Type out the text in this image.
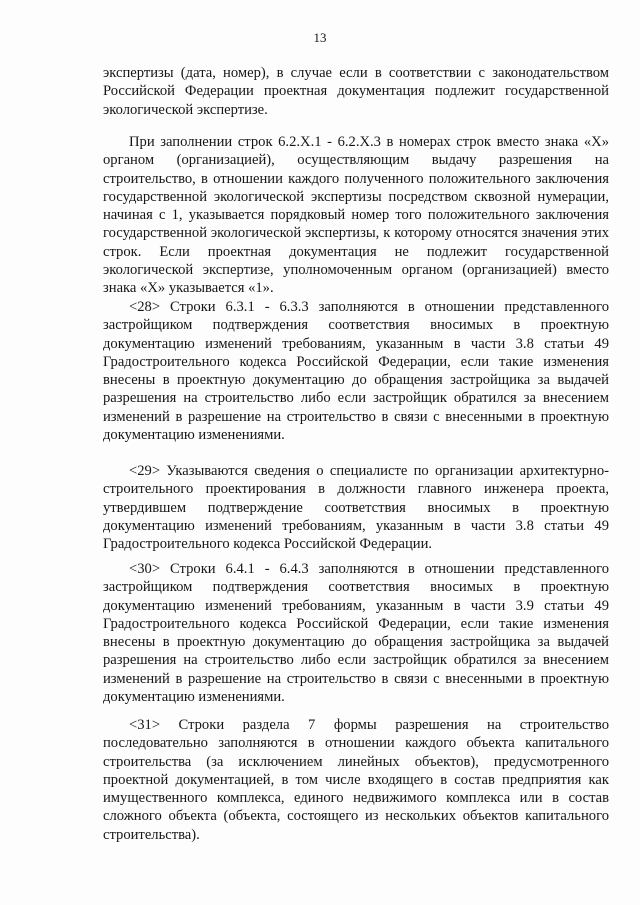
13

экспертизы (дата, номер), в случае если в соответствии с законодательством Российской Федерации проектная документация подлежит государственной экологической экспертизе.

При заполнении строк 6.2.Х.1 - 6.2.Х.3 в номерах строк вместо знака «Х» органом (организацией), осуществляющим выдачу разрешения на строительство, в отношении каждого полученного положительного заключения государственной экологической экспертизы посредством сквозной нумерации, начиная с 1, указывается порядковый номер того положительного заключения государственной экологической экспертизы, к которому относятся значения этих строк. Если проектная документация не подлежит государственной экологической экспертизе, уполномоченным органом (организацией) вместо знака «Х» указывается «1».

<28> Строки 6.3.1 - 6.3.3 заполняются в отношении представленного застройщиком подтверждения соответствия вносимых в проектную документацию изменений требованиям, указанным в части 3.8 статьи 49 Градостроительного кодекса Российской Федерации, если такие изменения внесены в проектную документацию до обращения застройщика за выдачей разрешения на строительство либо если застройщик обратился за внесением изменений в разрешение на строительство в связи с внесенными в проектную документацию изменениями.

<29> Указываются сведения о специалисте по организации архитектурно-строительного проектирования в должности главного инженера проекта, утвердившем подтверждение соответствия вносимых в проектную документацию изменений требованиям, указанным в части 3.8 статьи 49 Градостроительного кодекса Российской Федерации.

<30> Строки 6.4.1 - 6.4.3 заполняются в отношении представленного застройщиком подтверждения соответствия вносимых в проектную документацию изменений требованиям, указанным в части 3.9 статьи 49 Градостроительного кодекса Российской Федерации, если такие изменения внесены в проектную документацию до обращения застройщика за выдачей разрешения на строительство либо если застройщик обратился за внесением изменений в разрешение на строительство в связи с внесенными в проектную документацию изменениями.

<31> Строки раздела 7 формы разрешения на строительство последовательно заполняются в отношении каждого объекта капитального строительства (за исключением линейных объектов), предусмотренного проектной документацией, в том числе входящего в состав предприятия как имущественного комплекса, единого недвижимого комплекса или в состав сложного объекта (объекта, состоящего из нескольких объектов капитального строительства).
